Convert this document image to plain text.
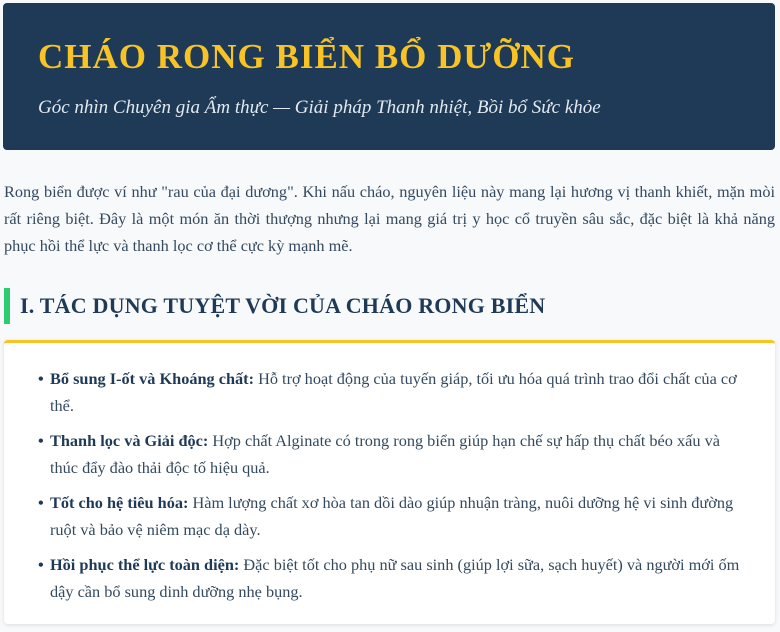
CHÁO RONG BIỂN BỔ DƯỠNG

Góc nhìn Chuyên gia Ẩm thực — Giải pháp Thanh nhiệt, Bồi bổ Sức khỏe

Rong biển được ví như "rau của đại dương". Khi nấu cháo, nguyên liệu này mang lại hương vị thanh khiết, mặn mòi rất riêng biệt. Đây là một món ăn thời thượng nhưng lại mang giá trị y học cổ truyền sâu sắc, đặc biệt là khả năng phục hồi thể lực và thanh lọc cơ thể cực kỳ mạnh mẽ.

I. TÁC DỤNG TUYỆT VỜI CỦA CHÁO RONG BIỂN
• Bổ sung I-ốt và Khoáng chất: Hỗ trợ hoạt động của tuyến giáp, tối ưu hóa quá trình trao đổi chất của cơ thể.
• Thanh lọc và Giải độc: Hợp chất Alginate có trong rong biển giúp hạn chế sự hấp thụ chất béo xấu và thúc đẩy đào thải độc tố hiệu quả.
• Tốt cho hệ tiêu hóa: Hàm lượng chất xơ hòa tan dồi dào giúp nhuận tràng, nuôi dưỡng hệ vi sinh đường ruột và bảo vệ niêm mạc dạ dày.
• Hồi phục thể lực toàn diện: Đặc biệt tốt cho phụ nữ sau sinh (giúp lợi sữa, sạch huyết) và người mới ốm dậy cần bổ sung dinh dưỡng nhẹ bụng.
